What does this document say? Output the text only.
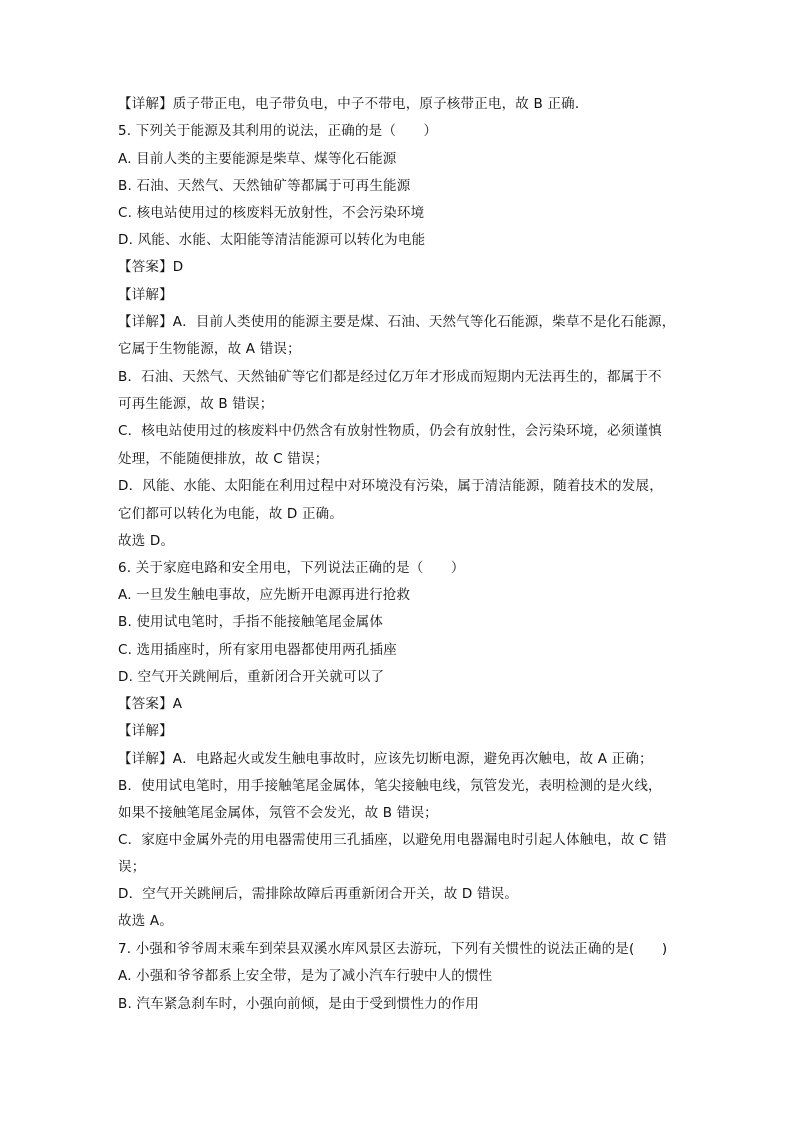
【详解】质子带正电，电子带负电，中子不带电，原子核带正电，故 B 正确．
5. 下列关于能源及其利用的说法，正确的是（　　）
A. 目前人类的主要能源是柴草、煤等化石能源
B. 石油、天然气、天然铀矿等都属于可再生能源
C. 核电站使用过的核废料无放射性，不会污染环境
D. 风能、水能、太阳能等清洁能源可以转化为电能
【答案】D
【详解】
【详解】A．目前人类使用的能源主要是煤、石油、天然气等化石能源，柴草不是化石能源，
它属于生物能源，故 A 错误；
B．石油、天然气、天然铀矿等它们都是经过亿万年才形成而短期内无法再生的，都属于不
可再生能源，故 B 错误；
C．核电站使用过的核废料中仍然含有放射性物质，仍会有放射性，会污染环境，必须谨慎
处理，不能随便排放，故 C 错误；
D．风能、水能、太阳能在利用过程中对环境没有污染，属于清洁能源，随着技术的发展，
它们都可以转化为电能，故 D 正确。
故选 D。
6. 关于家庭电路和安全用电，下列说法正确的是（　　）
A. 一旦发生触电事故，应先断开电源再进行抢救
B. 使用试电笔时，手指不能接触笔尾金属体
C. 选用插座时，所有家用电器都使用两孔插座
D. 空气开关跳闸后，重新闭合开关就可以了
【答案】A
【详解】
【详解】A．电路起火或发生触电事故时，应该先切断电源，避免再次触电，故 A 正确；
B．使用试电笔时，用手接触笔尾金属体，笔尖接触电线，氖管发光，表明检测的是火线，
如果不接触笔尾金属体，氖管不会发光，故 B 错误；
C．家庭中金属外壳的用电器需使用三孔插座，以避免用电器漏电时引起人体触电，故 C 错
误；
D．空气开关跳闸后，需排除故障后再重新闭合开关，故 D 错误。
故选 A。
7. 小强和爷爷周末乘车到荣县双溪水库风景区去游玩，下列有关惯性的说法正确的是(　　)
A. 小强和爷爷都系上安全带，是为了减小汽车行驶中人的惯性
B. 汽车紧急刹车时，小强向前倾，是由于受到惯性力的作用
